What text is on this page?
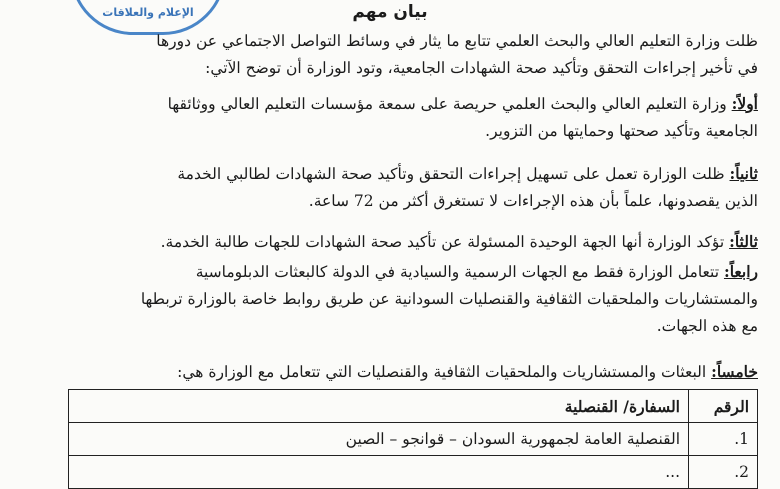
الإعلام والعلاقات	بيان مهم
ظلت وزارة التعليم العالي والبحث العلمي تتابع ما يثار في وسائط التواصل الاجتماعي عن دورها
في تأخير إجراءات التحقق وتأكيد صحة الشهادات الجامعية، وتود الوزارة أن توضح الآتي:
أولاً: وزارة التعليم العالي والبحث العلمي حريصة على سمعة مؤسسات التعليم العالي ووثائقها
الجامعية وتأكيد صحتها وحمايتها من التزوير.
ثانياً: ظلت الوزارة تعمل على تسهيل إجراءات التحقق وتأكيد صحة الشهادات لطالبي الخدمة
الذين يقصدونها، علماً بأن هذه الإجراءات لا تستغرق أكثر من 72 ساعة.
ثالثاً: تؤكد الوزارة أنها الجهة الوحيدة المسئولة عن تأكيد صحة الشهادات للجهات طالبة الخدمة.
رابعاً: تتعامل الوزارة فقط مع الجهات الرسمية والسيادية في الدولة كالبعثات الدبلوماسية
والمستشاريات والملحقيات الثقافية والقنصليات السودانية عن طريق روابط خاصة بالوزارة تربطها
مع هذه الجهات.
خامساً: البعثات والمستشاريات والملحقيات الثقافية والقنصليات التي تتعامل مع الوزارة هي:
الرقم	السفارة/ القنصلية
1.	القنصلية العامة لجمهورية السودان – قوانجو – الصين
2.	...
